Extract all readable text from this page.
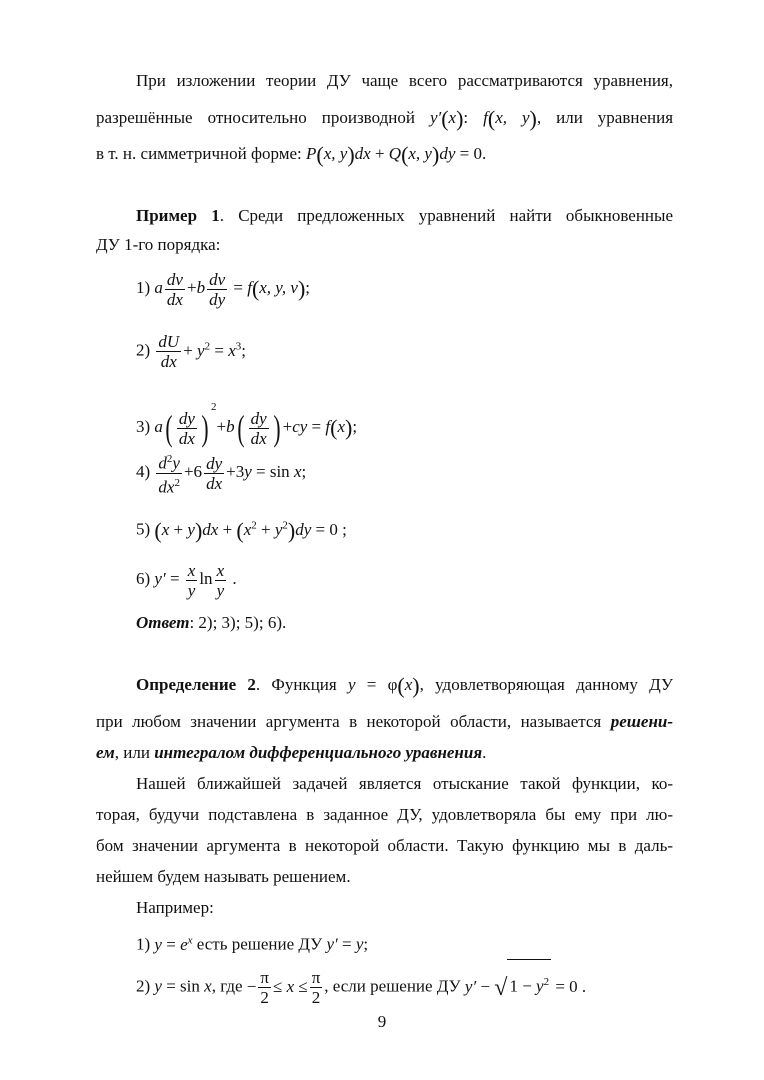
При изложении теории ДУ чаще всего рассматриваются уравнения,
разрешённые относительно производной y′(x): f(x, y), или уравнения
в т. н. симметричной форме: P(x, y)dx + Q(x, y)dy = 0.
Пример 1. Среди предложенных уравнений найти обыкновенные
ДУ 1-го порядка:
1) a $\frac{dv}{dx} +b \frac{dv}{dy} = f(x$, y, v);
$2) \frac{dU}{dx} + y^2 = x^3$;
3) $a( \frac{dy}{dx} )^2+b( \frac{dy}{dx}$ ) +cy = f(x);
$4) \frac{d^2y}{dx^2} +6 \frac{dy}{dx} +3y = \sin x$;
5) $(x + y)dx + (x^2 + y^2)dy = 0$ ;
6) $y' = \frac{x}{y}$ $\ln \frac{x}{y}$ .
Ответ: 2); 3); 5); 6).
Определение 2. Функция y = φ(x), удовлетворяющая данному ДУ
при любом значении аргумента в некоторой области, называется решени-
ем, или интегралом дифференциального уравнения.
Нашей ближайшей задачей является отыскание такой функции, ко-
торая, будучи подставлена в заданное ДУ, удовлетворяла бы ему при лю-
бом значении аргумента в некоторой области. Такую функцию мы в даль-
нейшем будем называть решением.
Например:
1) $y = e^x$ есть решение ДУ y′ = y;
2) y = sin x, где − $\frac{\pi}{2} \le x \le \frac{\pi}{2}$ , если решение ДУ y′ − √ $1 - y^2 = 0$ .
9
